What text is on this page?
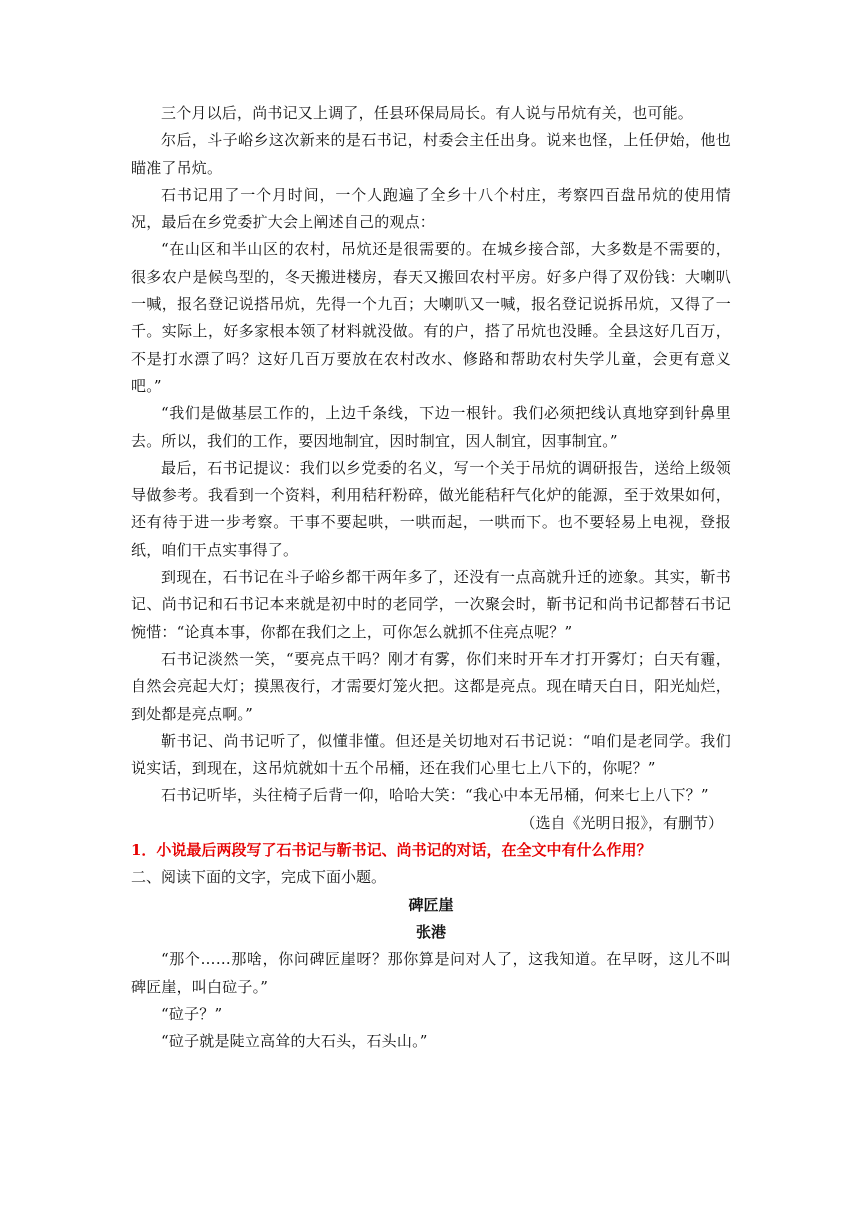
三个月以后，尚书记又上调了，任县环保局局长。有人说与吊炕有关，也可能。

尔后，斗子峪乡这次新来的是石书记，村委会主任出身。说来也怪，上任伊始，他也瞄准了吊炕。

石书记用了一个月时间，一个人跑遍了全乡十八个村庄，考察四百盘吊炕的使用情况，最后在乡党委扩大会上阐述自己的观点：

“在山区和半山区的农村，吊炕还是很需要的。在城乡接合部，大多数是不需要的，很多农户是候鸟型的，冬天搬进楼房，春天又搬回农村平房。好多户得了双份钱：大喇叭一喊，报名登记说搭吊炕，先得一个九百；大喇叭又一喊，报名登记说拆吊炕，又得了一千。实际上，好多家根本领了材料就没做。有的户，搭了吊炕也没睡。全县这好几百万，不是打水漂了吗？这好几百万要放在农村改水、修路和帮助农村失学儿童，会更有意义吧。”

“我们是做基层工作的，上边千条线，下边一根针。我们必须把线认真地穿到针鼻里去。所以，我们的工作，要因地制宜，因时制宜，因人制宜，因事制宜。”

最后，石书记提议：我们以乡党委的名义，写一个关于吊炕的调研报告，送给上级领导做参考。我看到一个资料，利用秸秆粉碎，做光能秸秆气化炉的能源，至于效果如何，还有待于进一步考察。干事不要起哄，一哄而起，一哄而下。也不要轻易上电视，登报纸，咱们干点实事得了。

到现在，石书记在斗子峪乡都干两年多了，还没有一点高就升迁的迹象。其实，靳书记、尚书记和石书记本来就是初中时的老同学，一次聚会时，靳书记和尚书记都替石书记惋惜：“论真本事，你都在我们之上，可你怎么就抓不住亮点呢？”

石书记淡然一笑，“要亮点干吗？刚才有雾，你们来时开车才打开雾灯；白天有霾，自然会亮起大灯；摸黑夜行，才需要灯笼火把。这都是亮点。现在晴天白日，阳光灿烂，到处都是亮点啊。”

靳书记、尚书记听了，似懂非懂。但还是关切地对石书记说：“咱们是老同学。我们说实话，到现在，这吊炕就如十五个吊桶，还在我们心里七上八下的，你呢？”

石书记听毕，头往椅子后背一仰，哈哈大笑：“我心中本无吊桶，何来七上八下？”

（选自《光明日报》，有删节）

1．小说最后两段写了石书记与靳书记、尚书记的对话，在全文中有什么作用？

二、阅读下面的文字，完成下面小题。

碑匠崖

张港

“那个……那啥，你问碑匠崖呀？那你算是问对人了，这我知道。在早呀，这儿不叫碑匠崖，叫白砬子。”

“砬子？”

“砬子就是陡立高耸的大石头，石头山。”
